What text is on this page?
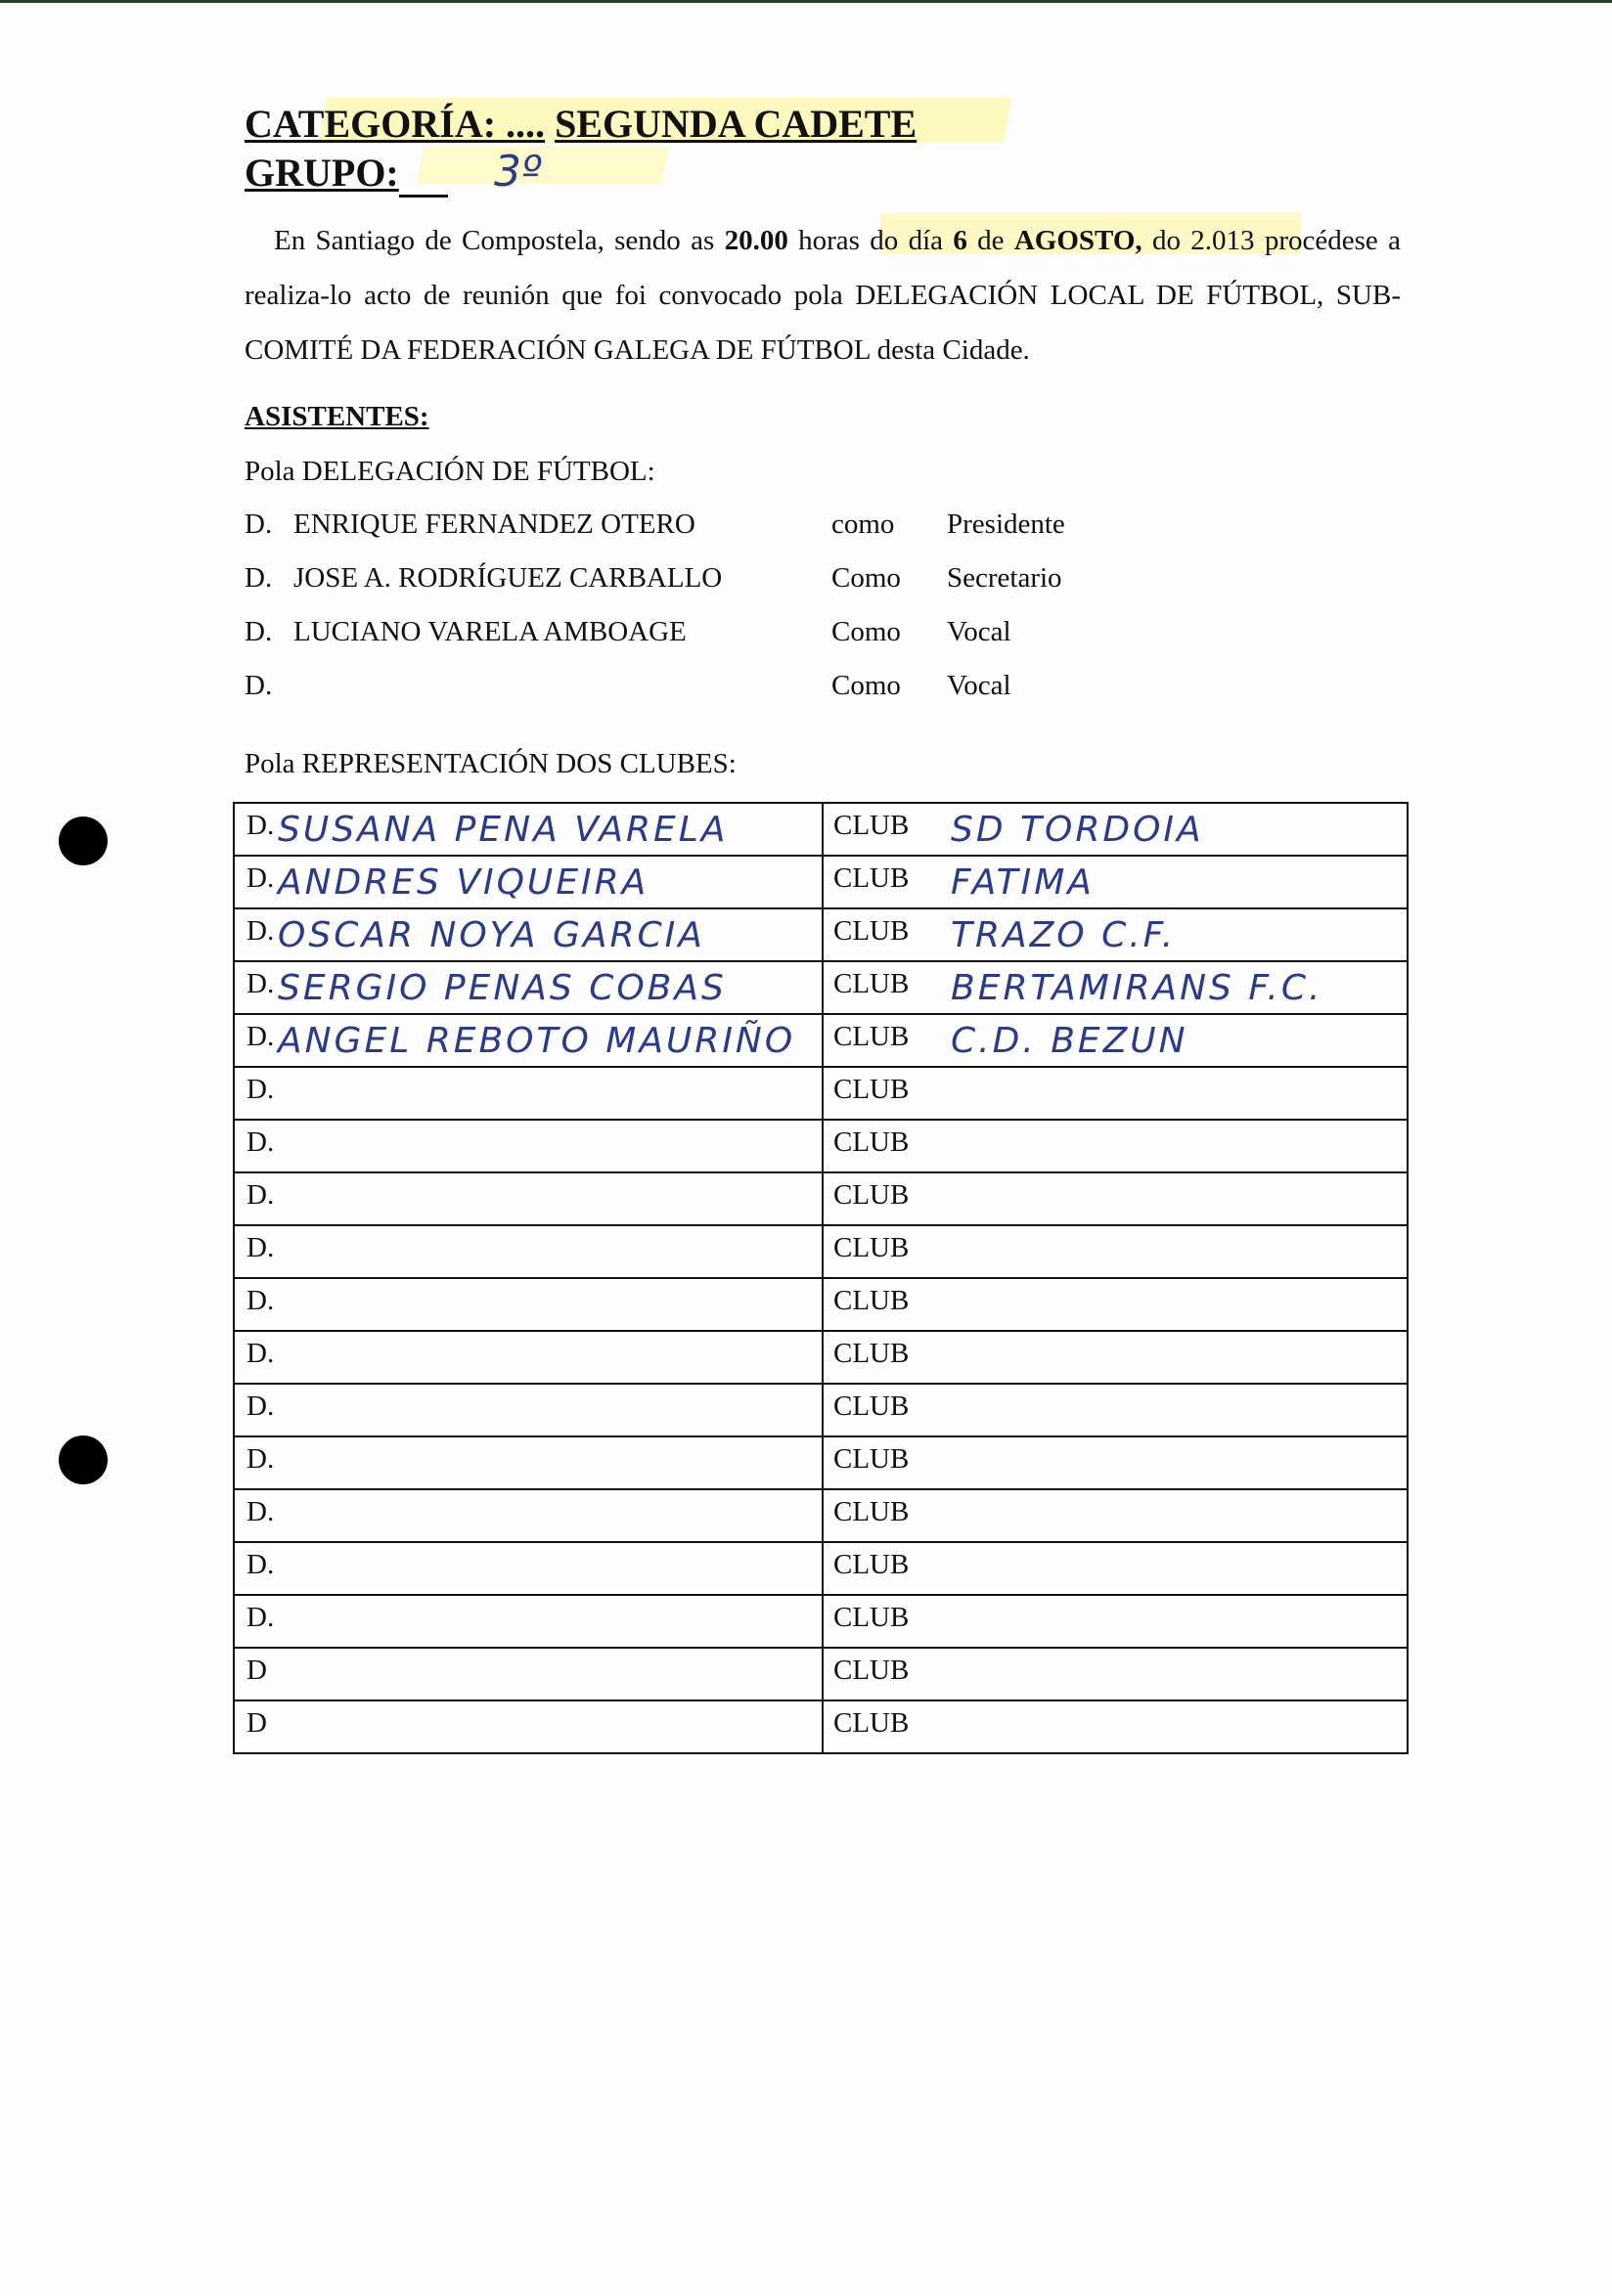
CATEGORÍA: .... SEGUNDA CADETE
GRUPO:	3º

En Santiago de Compostela, sendo as 20.00 horas do día 6 de AGOSTO, do 2.013 procédese a realiza-lo acto de reunión que foi convocado pola DELEGACIÓN LOCAL DE FÚTBOL, SUB-COMITÉ DA FEDERACIÓN GALEGA DE FÚTBOL desta Cidade.

ASISTENTES:
Pola DELEGACIÓN DE FÚTBOL:
D. ENRIQUE FERNANDEZ OTERO	como Presidente
D. JOSE A. RODRÍGUEZ CARBALLO	Como Secretario
D. LUCIANO VARELA AMBOAGE	Como Vocal
D.	Como Vocal
Pola REPRESENTACIÓN DOS CLUBES:
D. SUSANA PENA VARELA	CLUB SD TORDOIA

D. ANDRES VIQUEIRA	CLUB FATIMA

D. OSCAR NOYA GARCIA	CLUB TRAZO C.F.

D. SERGIO PENAS COBAS	CLUB BERTAMIRANS F.C.

D. ANGEL REBOTO MAURIÑO	CLUB C.D. BEZUN

D.	CLUB

D.	CLUB

D.	CLUB

D.	CLUB

D.	CLUB

D.	CLUB

D.	CLUB

D.	CLUB

D.	CLUB

D.	CLUB

D.	CLUB

D	CLUB

D	CLUB
